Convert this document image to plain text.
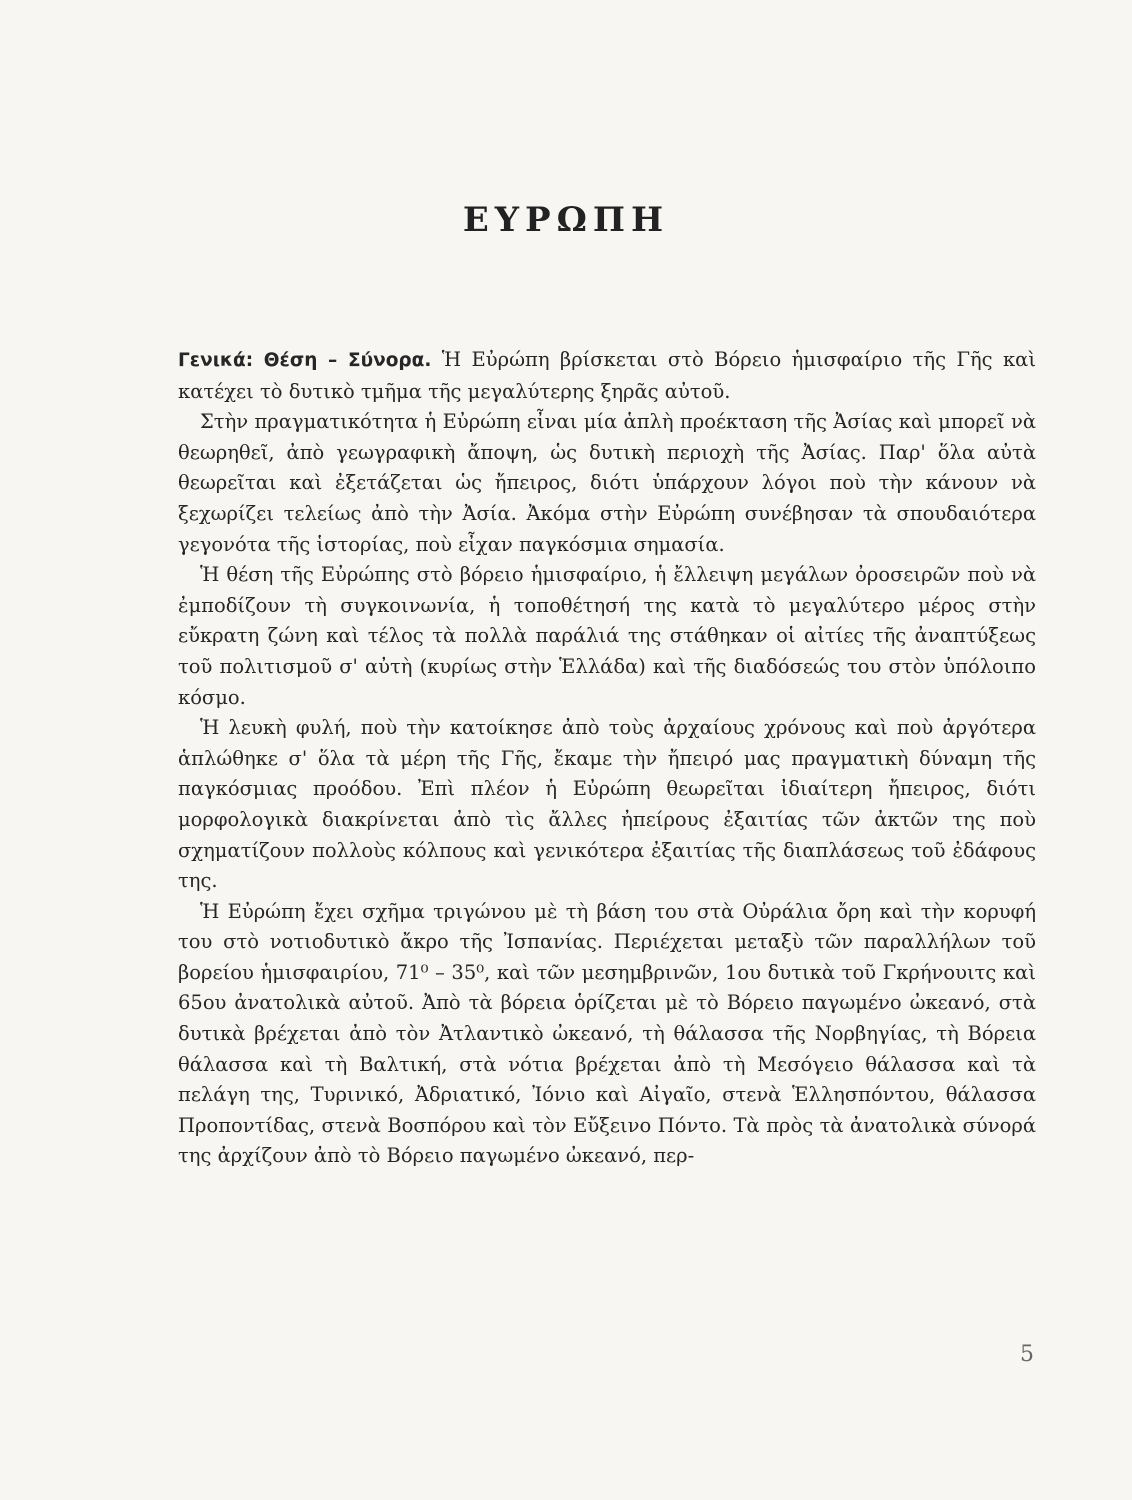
ΕΥΡΩΠΗ

Γενικά: Θέση – Σύνορα. Ἡ Εὐρώπη βρίσκεται στὸ Βόρειο ἡμισφαίριο τῆς Γῆς καὶ κατέχει τὸ δυτικὸ τμῆμα τῆς μεγαλύτερης ξηρᾶς αὐτοῦ.

Στὴν πραγματικότητα ἡ Εὐρώπη εἶναι μία ἁπλὴ προέκταση τῆς Ἀσίας καὶ μπορεῖ νὰ θεωρηθεῖ, ἀπὸ γεωγραφικὴ ἄποψη, ὡς δυτικὴ περιοχὴ τῆς Ἀσίας. Παρ' ὅλα αὐτὰ θεωρεῖται καὶ ἐξετάζεται ὡς ἤπειρος, διότι ὑπάρχουν λόγοι ποὺ τὴν κάνουν νὰ ξεχωρίζει τελείως ἀπὸ τὴν Ἀσία. Ἀκόμα στὴν Εὐρώπη συνέβησαν τὰ σπουδαιότερα γεγονότα τῆς ἱστορίας, ποὺ εἶχαν παγκόσμια σημασία.

Ἡ θέση τῆς Εὐρώπης στὸ βόρειο ἡμισφαίριο, ἡ ἔλλειψη μεγάλων ὀροσειρῶν ποὺ νὰ ἐμποδίζουν τὴ συγκοινωνία, ἡ τοποθέτησή της κατὰ τὸ μεγαλύτερο μέρος στὴν εὔκρατη ζώνη καὶ τέλος τὰ πολλὰ παράλιά της στάθηκαν οἱ αἰτίες τῆς ἀναπτύξεως τοῦ πολιτισμοῦ σ' αὐτὴ (κυρίως στὴν Ἑλλάδα) καὶ τῆς διαδόσεώς του στὸν ὑπόλοιπο κόσμο.

Ἡ λευκὴ φυλή, ποὺ τὴν κατοίκησε ἀπὸ τοὺς ἀρχαίους χρόνους καὶ ποὺ ἀργότερα ἁπλώθηκε σ' ὅλα τὰ μέρη τῆς Γῆς, ἔκαμε τὴν ἤπειρό μας πραγματικὴ δύναμη τῆς παγκόσμιας προόδου. Ἐπὶ πλέον ἡ Εὐρώπη θεωρεῖται ἰδιαίτερη ἤπειρος, διότι μορφολογικὰ διακρίνεται ἀπὸ τὶς ἄλλες ἠπείρους ἐξαιτίας τῶν ἀκτῶν της ποὺ σχηματίζουν πολλοὺς κόλπους καὶ γενικότερα ἐξαιτίας τῆς διαπλάσεως τοῦ ἐδάφους της.

Ἡ Εὐρώπη ἔχει σχῆμα τριγώνου μὲ τὴ βάση του στὰ Οὐράλια ὄρη καὶ τὴν κορυφή του στὸ νοτιοδυτικὸ ἄκρο τῆς Ἰσπανίας. Περιέχεται μεταξὺ τῶν παραλλήλων τοῦ βορείου ἡμισφαιρίου, 71⁰ – 35⁰, καὶ τῶν μεσημβρινῶν, 1ου δυτικὰ τοῦ Γκρήνουιτς καὶ 65ου ἀνατολικὰ αὐτοῦ. Ἀπὸ τὰ βόρεια ὁρίζεται μὲ τὸ Βόρειο παγωμένο ὠκεανό, στὰ δυτικὰ βρέχεται ἀπὸ τὸν Ἀτλαντικὸ ὠκεανό, τὴ θάλασσα τῆς Νορβηγίας, τὴ Βόρεια θάλασσα καὶ τὴ Βαλτική, στὰ νότια βρέχεται ἀπὸ τὴ Μεσόγειο θάλασσα καὶ τὰ πελάγη της, Τυρινικό, Ἀδριατικό, Ἰόνιο καὶ Αἰγαῖο, στενὰ Ἑλλησπόντου, θάλασσα Προποντίδας, στενὰ Βοσπόρου καὶ τὸν Εὔξεινο Πόντο. Τὰ πρὸς τὰ ἀνατολικὰ σύνορά της ἀρχίζουν ἀπὸ τὸ Βόρειο παγωμένο ὠκεανό, περ-

5
